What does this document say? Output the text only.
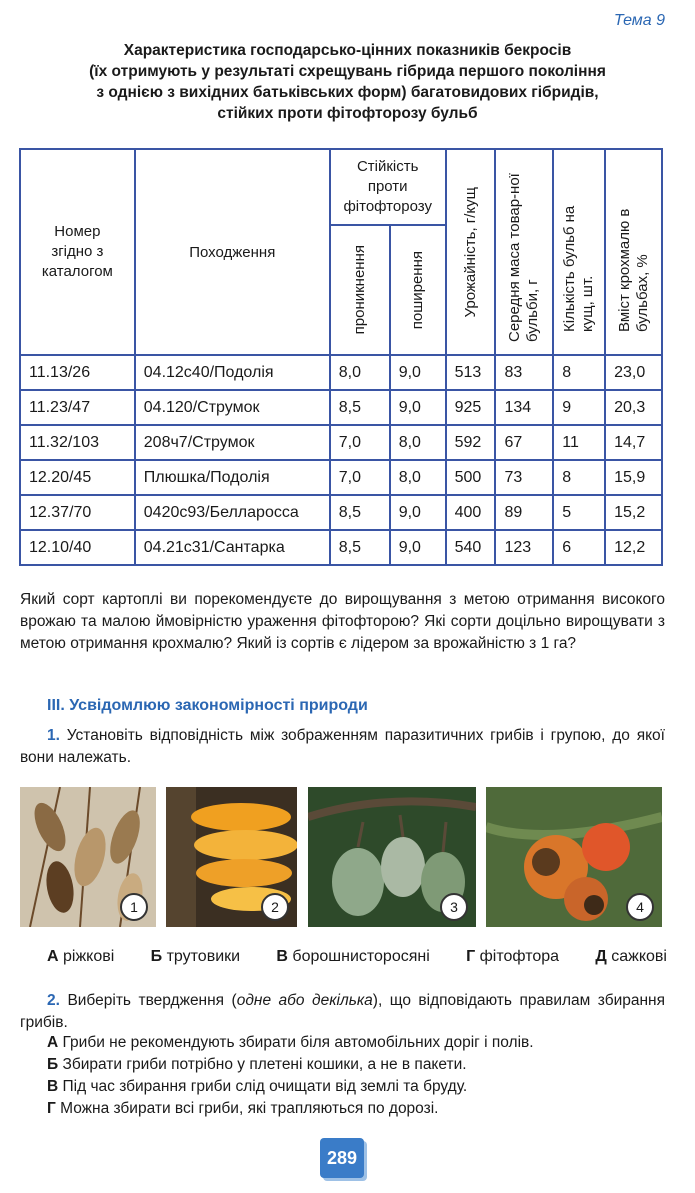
Тема 9
Характеристика господарсько-цінних показників бекросів
(їх отримують у результаті схрещувань гібрида першого покоління
з однією з вихідних батьківських форм) багатовидових гібридів,
стійких проти фітофторозу бульб
Номер згідно з каталогом	Походження	Стійкість проти фітофторозу		Урожайність, г/кущ	Середня маса товар-ної бульби, г	Кількість бульб на кущ, шт.	Вміст крохмалю в бульбах, %

		проникнення	поширення				

11.13/26	04.12с40/Подолія	8,0	9,0	513	83	8	23,0
11.23/47	04.120/Струмок	8,5	9,0	925	134	9	20,3
11.32/103	208ч7/Струмок	7,0	8,0	592	67	11	14,7
12.20/45	Плюшка/Подолія	7,0	8,0	500	73	8	15,9
12.37/70	0420с93/Белларосса	8,5	9,0	400	89	5	15,2
12.10/40	04.21с31/Сантарка	8,5	9,0	540	123	6	12,2
Який сорт картоплі ви порекомендуєте до вирощування з метою отримання високого врожаю та малою ймовірністю ураження фітофторою? Які сорти доцільно вирощувати з метою отримання крохмалю? Який із сортів є лідером за врожайністю з 1 га?
III. Усвідомлюю закономірності природи
1. Установіть відповідність між зображенням паразитичних грибів і групою, до якої вони належать.
1	2	3	4
А ріжкові Б трутовики В борошнисторосяні Г фітофтора Д сажкові
2. Виберіть твердження (одне або декілька), що відповідають правилам збирання грибів.
А Гриби не рекомендують збирати біля автомобільних доріг і полів.
Б Збирати гриби потрібно у плетені кошики, а не в пакети.
В Під час збирання гриби слід очищати від землі та бруду.
Г Можна збирати всі гриби, які трапляються по дорозі.
289
